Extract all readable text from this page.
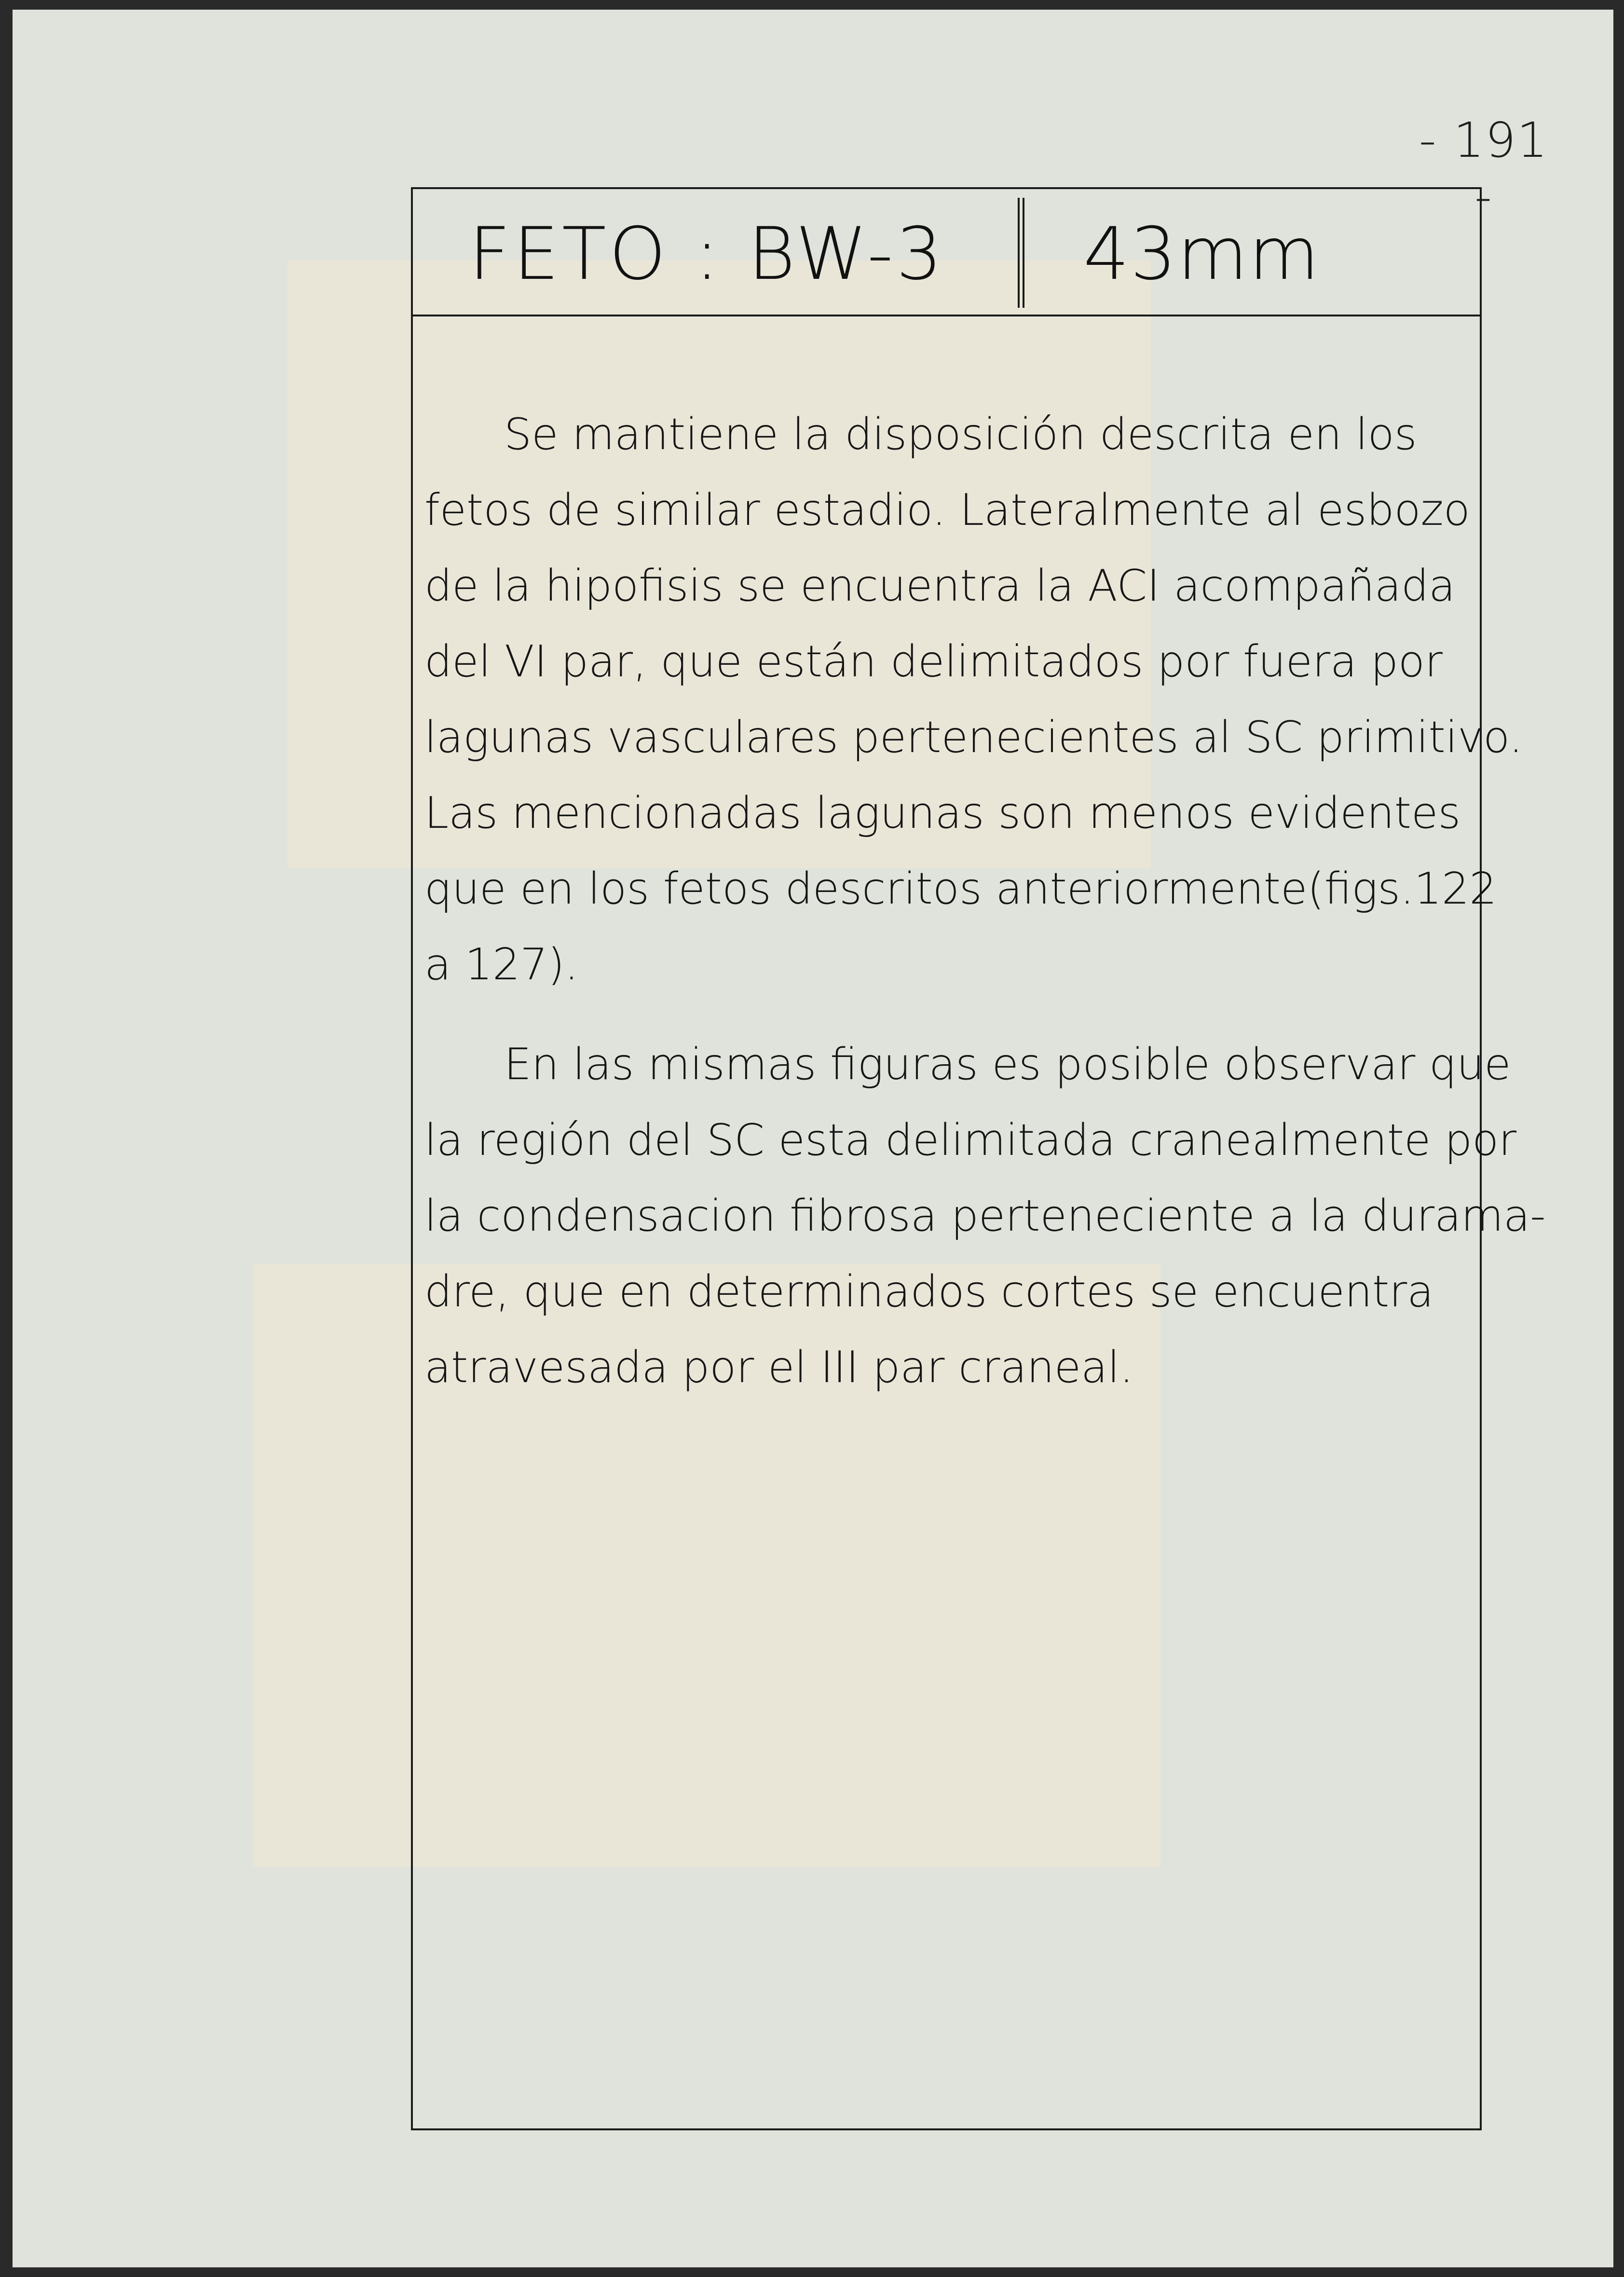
- 191 -
FETO : BW-3 43mm
Se mantiene la disposición descrita en los
fetos de similar estadio. Lateralmente al esbozo
de la hipofisis se encuentra la ACI acompañada
del VI par, que están delimitados por fuera por
lagunas vasculares pertenecientes al SC primitivo.
Las mencionadas lagunas son menos evidentes
que en los fetos descritos anteriormente(figs.122
a 127).
En las mismas figuras es posible observar que
la región del SC esta delimitada cranealmente por
la condensacion fibrosa perteneciente a la durama-
dre, que en determinados cortes se encuentra
atravesada por el III par craneal.
